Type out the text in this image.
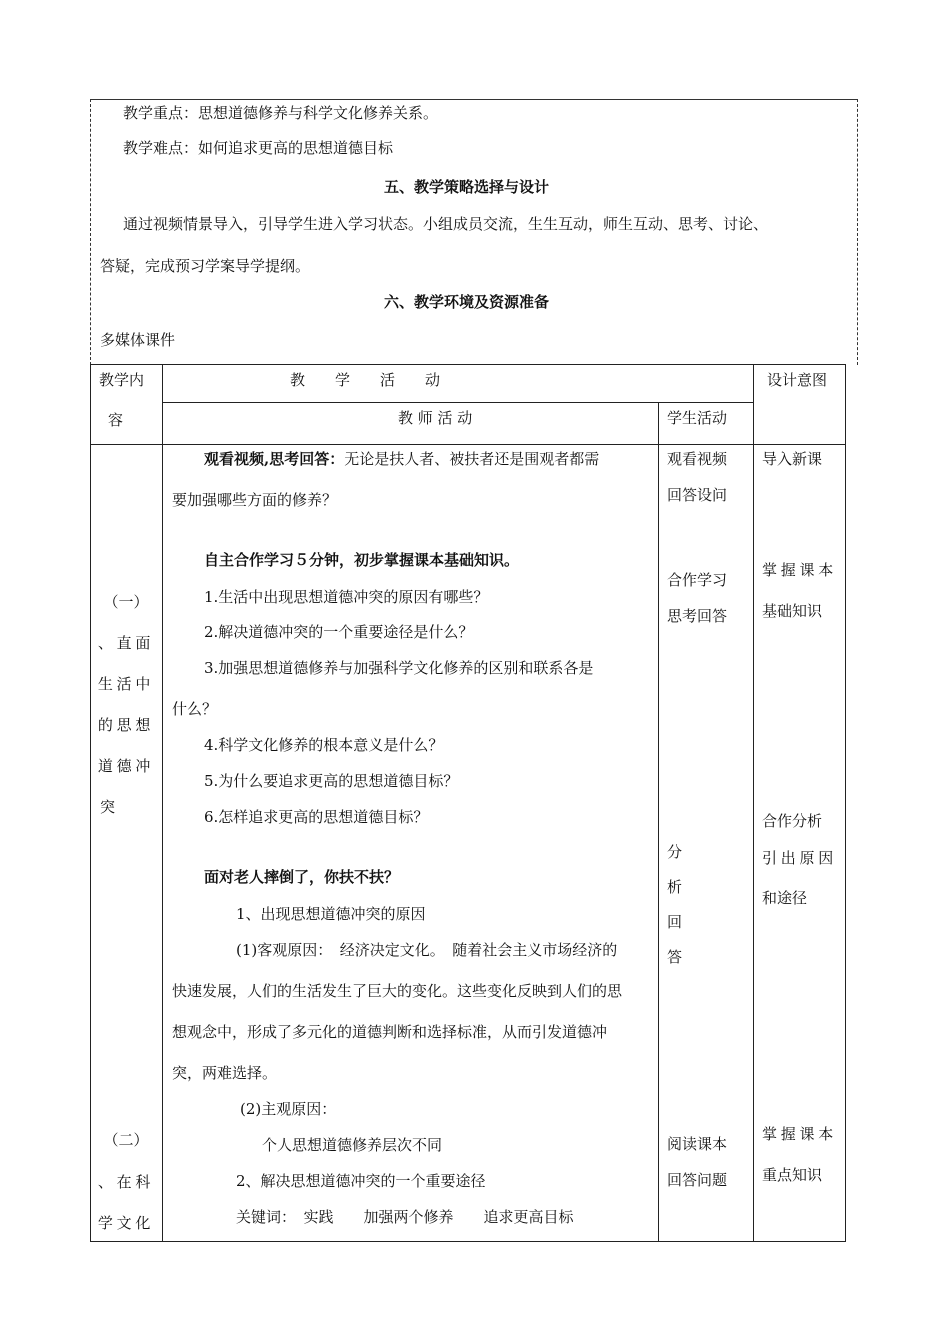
教学重点：思想道德修养与科学文化修养关系。
教学难点：如何追求更高的思想道德目标
五、教学策略选择与设计
通过视频情景导入，引导学生进入学习状态。小组成员交流，生生互动，师生互动、思考、讨论、
答疑，完成预习学案导学提纲。
六、教学环境及资源准备
多媒体课件
教学内
容
教　　学　　活　　动
教 师 活 动	学生活动
设计意图
（一）
、直面
生活中
的思想
道德冲
突
（二）
、在科
学文化
观看视频,思考回答：无论是扶人者、被扶者还是围观者都需
要加强哪些方面的修养？
自主合作学习５分钟，初步掌握课本基础知识。
1.生活中出现思想道德冲突的原因有哪些？
2.解决道德冲突的一个重要途径是什么？
3.加强思想道德修养与加强科学文化修养的区别和联系各是
什么？
4.科学文化修养的根本意义是什么？
5.为什么要追求更高的思想道德目标？
6.怎样追求更高的思想道德目标？
面对老人摔倒了，你扶不扶？
1、出现思想道德冲突的原因
(1)客观原因：　经济决定文化。　随着社会主义市场经济的
快速发展，人们的生活发生了巨大的变化。这些变化反映到人们的思
想观念中，形成了多元化的道德判断和选择标准，从而引发道德冲
突，两难选择。
(2)主观原因：
个人思想道德修养层次不同
2、解决思想道德冲突的一个重要途径
关键词：　实践　　加强两个修养　　追求更高目标
观看视频
回答设问
合作学习
思考回答
分
析
回
答
阅读课本
回答问题
导入新课
掌握课本
基础知识
合作分析
引出原因
和途径
掌握课本
重点知识
